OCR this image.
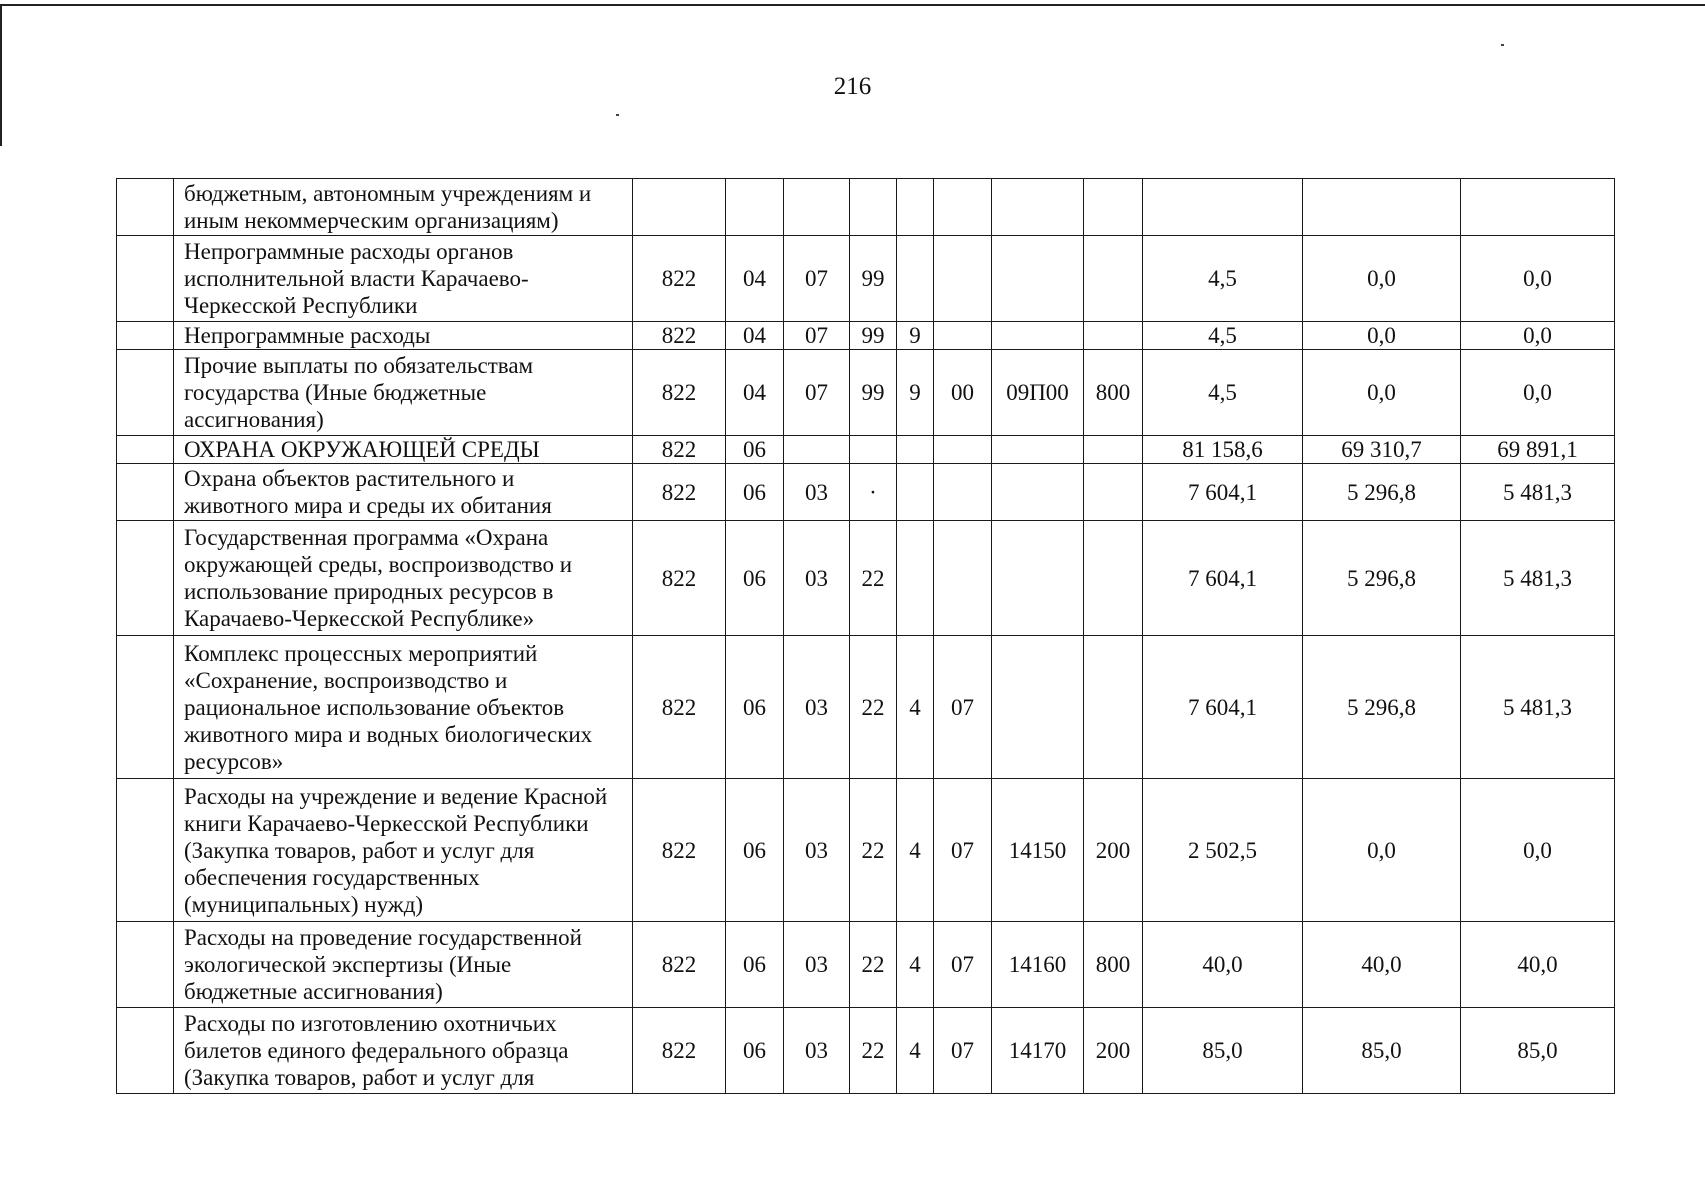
216
	бюджетным, автономным учреждениям и иным некоммерческим организациям)											
	Непрограммные расходы органов исполнительной власти Карачаево-Черкесской Республики	822	04	07	99					4,5	0,0	0,0
	Непрограммные расходы	822	04	07	99	9				4,5	0,0	0,0
	Прочие выплаты по обязательствам государства (Иные бюджетные ассигнования)	822	04	07	99	9	00	09П00	800	4,5	0,0	0,0
	ОХРАНА ОКРУЖАЮЩЕЙ СРЕДЫ	822	06							81 158,6	69 310,7	69 891,1
	Охрана объектов растительного и животного мира и среды их обитания	822	06	03	·					7 604,1	5 296,8	5 481,3
	Государственная программа «Охрана окружающей среды, воспроизводство и использование природных ресурсов в Карачаево-Черкесской Республике»	822	06	03	22					7 604,1	5 296,8	5 481,3
	Комплекс процессных мероприятий «Сохранение, воспроизводство и рациональное использование объектов животного мира и водных биологических ресурсов»	822	06	03	22	4	07			7 604,1	5 296,8	5 481,3
	Расходы на учреждение и ведение Красной книги Карачаево-Черкесской Республики (Закупка товаров, работ и услуг для обеспечения государственных (муниципальных) нужд)	822	06	03	22	4	07	14150	200	2 502,5	0,0	0,0
	Расходы на проведение государственной экологической экспертизы (Иные бюджетные ассигнования)	822	06	03	22	4	07	14160	800	40,0	40,0	40,0
	Расходы по изготовлению охотничьих билетов единого федерального образца (Закупка товаров, работ и услуг для	822	06	03	22	4	07	14170	200	85,0	85,0	85,0
